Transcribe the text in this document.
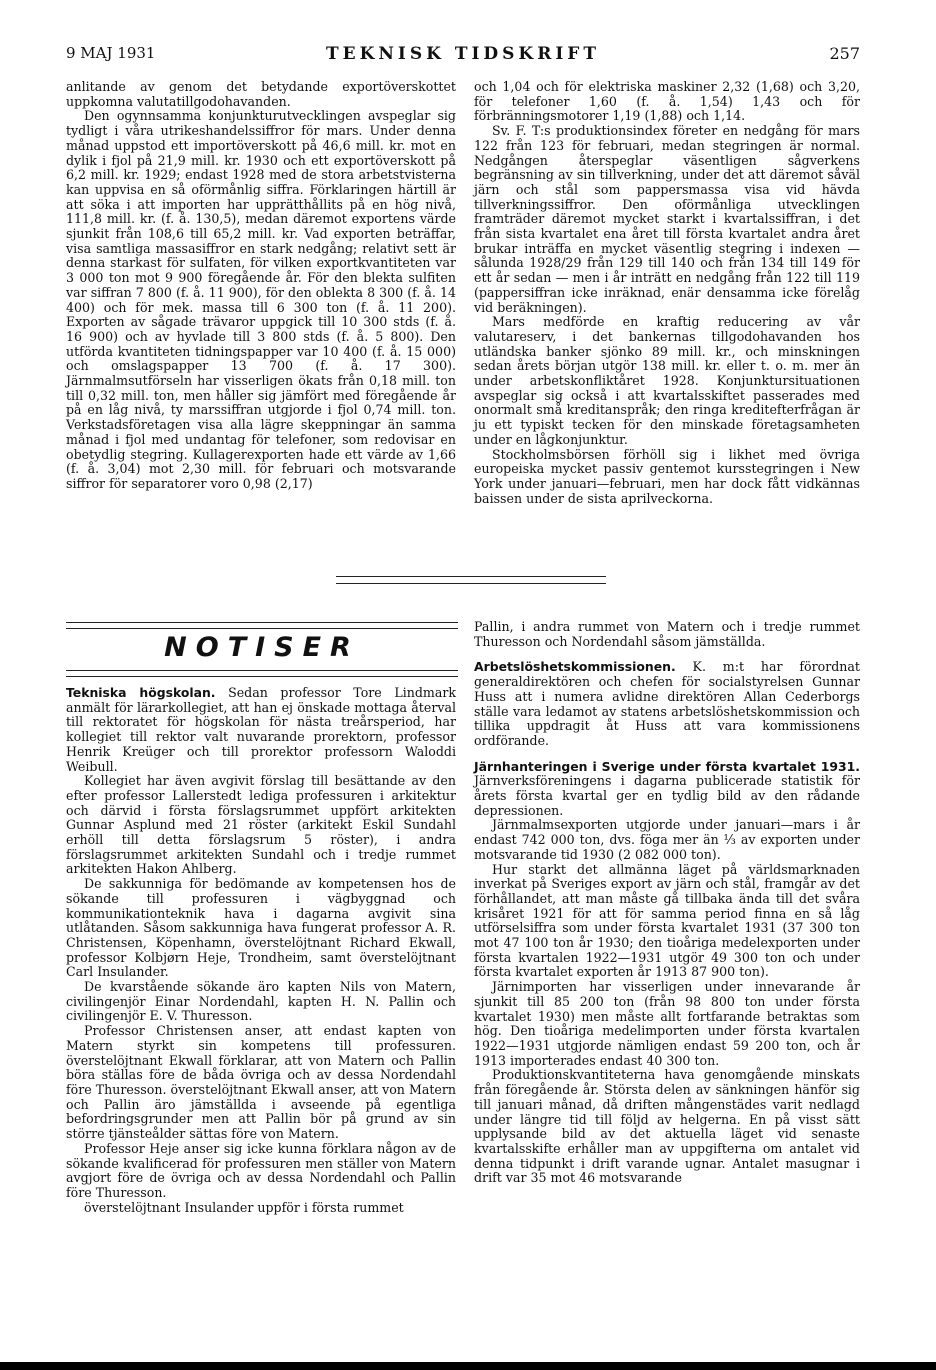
9 MAJ 1931	TEKNISK TIDSKRIFT	257

anlitande av genom det betydande exportöverskottet uppkomna valutatillgodohavanden.

Den ogynnsamma konjunkturutvecklingen avspeglar sig tydligt i våra utrikeshandelssiffror för mars. Under denna månad uppstod ett importöverskott på 46,6 mill. kr. mot en dylik i fjol på 21,9 mill. kr. 1930 och ett exportöverskott på 6,2 mill. kr. 1929; endast 1928 med de stora arbetstvisterna kan uppvisa en så oförmånlig siffra. Förklaringen härtill är att söka i att importen har upprätthållits på en hög nivå, 111,8 mill. kr. (f. å. 130,5), medan däremot exportens värde sjunkit från 108,6 till 65,2 mill. kr. Vad exporten beträffar, visa samtliga massasiffror en stark nedgång; relativt sett är denna starkast för sulfaten, för vilken exportkvantiteten var 3 000 ton mot 9 900 föregående år. För den blekta sulfiten var siffran 7 800 (f. å. 11 900), för den oblekta 8 300 (f. å. 14 400) och för mek. massa till 6 300 ton (f. å. 11 200). Exporten av sågade trävaror uppgick till 10 300 stds (f. å. 16 900) och av hyvlade till 3 800 stds (f. å. 5 800). Den utförda kvantiteten tidningspapper var 10 400 (f. å. 15 000) och omslagspapper 13 700 (f. å. 17 300). Järnmalmsutförseln har visserligen ökats från 0,18 mill. ton till 0,32 mill. ton, men håller sig jämfört med föregående år på en låg nivå, ty marssiffran utgjorde i fjol 0,74 mill. ton. Verkstadsföretagen visa alla lägre skeppningar än samma månad i fjol med undantag för telefoner, som redovisar en obetydlig stegring. Kullagerexporten hade ett värde av 1,66 (f. å. 3,04) mot 2,30 mill. för februari och motsvarande siffror för separatorer voro 0,98 (2,17)

och 1,04 och för elektriska maskiner 2,32 (1,68) och 3,20, för telefoner 1,60 (f. å. 1,54) 1,43 och för förbränningsmotorer 1,19 (1,88) och 1,14.

Sv. F. T:s produktionsindex företer en nedgång för mars 122 från 123 för februari, medan stegringen är normal. Nedgången återspeglar väsentligen sågverkens begränsning av sin tillverkning, under det att däremot såväl järn och stål som pappersmassa visa vid hävda tillverkningssiffror. Den oförmånliga utvecklingen framträder däremot mycket starkt i kvartalssiffran, i det från sista kvartalet ena året till första kvartalet andra året brukar inträffa en mycket väsentlig stegring i indexen — sålunda 1928/29 från 129 till 140 och från 134 till 149 för ett år sedan — men i år inträtt en nedgång från 122 till 119 (pappersiffran icke inräknad, enär densamma icke förelåg vid beräkningen).

Mars medförde en kraftig reducering av vår valutareserv, i det bankernas tillgodohavanden hos utländska banker sjönko 89 mill. kr., och minskningen sedan årets början utgör 138 mill. kr. eller t. o. m. mer än under arbetskonfliktåret 1928. Konjunktursituationen avspeglar sig också i att kvartalsskiftet passerades med onormalt små kreditanspråk; den ringa kreditefterfrågan är ju ett typiskt tecken för den minskade företagsamheten under en lågkonjunktur.

Stockholmsbörsen förhöll sig i likhet med övriga europeiska mycket passiv gentemot kursstegringen i New York under januari—februari, men har dock fått vidkännas baissen under de sista aprilveckorna.

NOTISER

Tekniska högskolan. Sedan professor Tore Lindmark anmält för lärarkollegiet, att han ej önskade mottaga återval till rektoratet för högskolan för nästa treårsperiod, har kollegiet till rektor valt nuvarande prorektorn, professor Henrik Kreüger och till prorektor professorn Waloddi Weibull.

Kollegiet har även avgivit förslag till besättande av den efter professor Lallerstedt lediga professuren i arkitektur och därvid i första förslagsrummet uppfört arkitekten Gunnar Asplund med 21 röster (arkitekt Eskil Sundahl erhöll till detta förslagsrum 5 röster), i andra förslagsrummet arkitekten Sundahl och i tredje rummet arkitekten Hakon Ahlberg.

De sakkunniga för bedömande av kompetensen hos de sökande till professuren i vägbyggnad och kommunikationteknik hava i dagarna avgivit sina utlåtanden. Såsom sakkunniga hava fungerat professor A. R. Christensen, Köpenhamn, överstelöjtnant Richard Ekwall, professor Kolbjørn Heje, Trondheim, samt överstelöjtnant Carl Insulander.

De kvarstående sökande äro kapten Nils von Matern, civilingenjör Einar Nordendahl, kapten H. N. Pallin och civilingenjör E. V. Thuresson.

Professor Christensen anser, att endast kapten von Matern styrkt sin kompetens till professuren. överstelöjtnant Ekwall förklarar, att von Matern och Pallin böra ställas före de båda övriga och av dessa Nordendahl före Thuresson. överstelöjtnant Ekwall anser, att von Matern och Pallin äro jämställda i avseende på egentliga befordringsgrunder men att Pallin bör på grund av sin större tjänsteålder sättas före von Matern.

Professor Heje anser sig icke kunna förklara någon av de sökande kvalificerad för professuren men ställer von Matern avgjort före de övriga och av dessa Nordendahl och Pallin före Thuresson.

överstelöjtnant Insulander uppför i första rummet

Pallin, i andra rummet von Matern och i tredje rummet Thuresson och Nordendahl såsom jämställda.

Arbetslöshetskommissionen. K. m:t har förordnat generaldirektören och chefen för socialstyrelsen Gunnar Huss att i numera avlidne direktören Allan Cederborgs ställe vara ledamot av statens arbetslöshetskommission och tillika uppdragit åt Huss att vara kommissionens ordförande.

Järnhanteringen i Sverige under första kvartalet 1931. Järnverksföreningens i dagarna publicerade statistik för årets första kvartal ger en tydlig bild av den rådande depressionen.

Järnmalmsexporten utgjorde under januari—mars i år endast 742 000 ton, dvs. föga mer än ⅓ av exporten under motsvarande tid 1930 (2 082 000 ton).

Hur starkt det allmänna läget på världsmarknaden inverkat på Sveriges export av järn och stål, framgår av det förhållandet, att man måste gå tillbaka ända till det svåra krisåret 1921 för att för samma period finna en så låg utförselsiffra som under första kvartalet 1931 (37 300 ton mot 47 100 ton år 1930; den tioåriga medelexporten under första kvartalen 1922—1931 utgör 49 300 ton och under första kvartalet exporten år 1913 87 900 ton).

Järnimporten har visserligen under innevarande år sjunkit till 85 200 ton (från 98 800 ton under första kvartalet 1930) men måste allt fortfarande betraktas som hög. Den tioåriga medelimporten under första kvartalen 1922—1931 utgjorde nämligen endast 59 200 ton, och år 1913 importerades endast 40 300 ton.

Produktionskvantiteterna hava genomgående minskats från föregående år. Största delen av sänkningen hänför sig till januari månad, då driften mångenstädes varit nedlagd under längre tid till följd av helgerna. En på visst sätt upplysande bild av det aktuella läget vid senaste kvartalsskifte erhåller man av uppgifterna om antalet vid denna tidpunkt i drift varande ugnar. Antalet masugnar i drift var 35 mot 46 motsvarande
